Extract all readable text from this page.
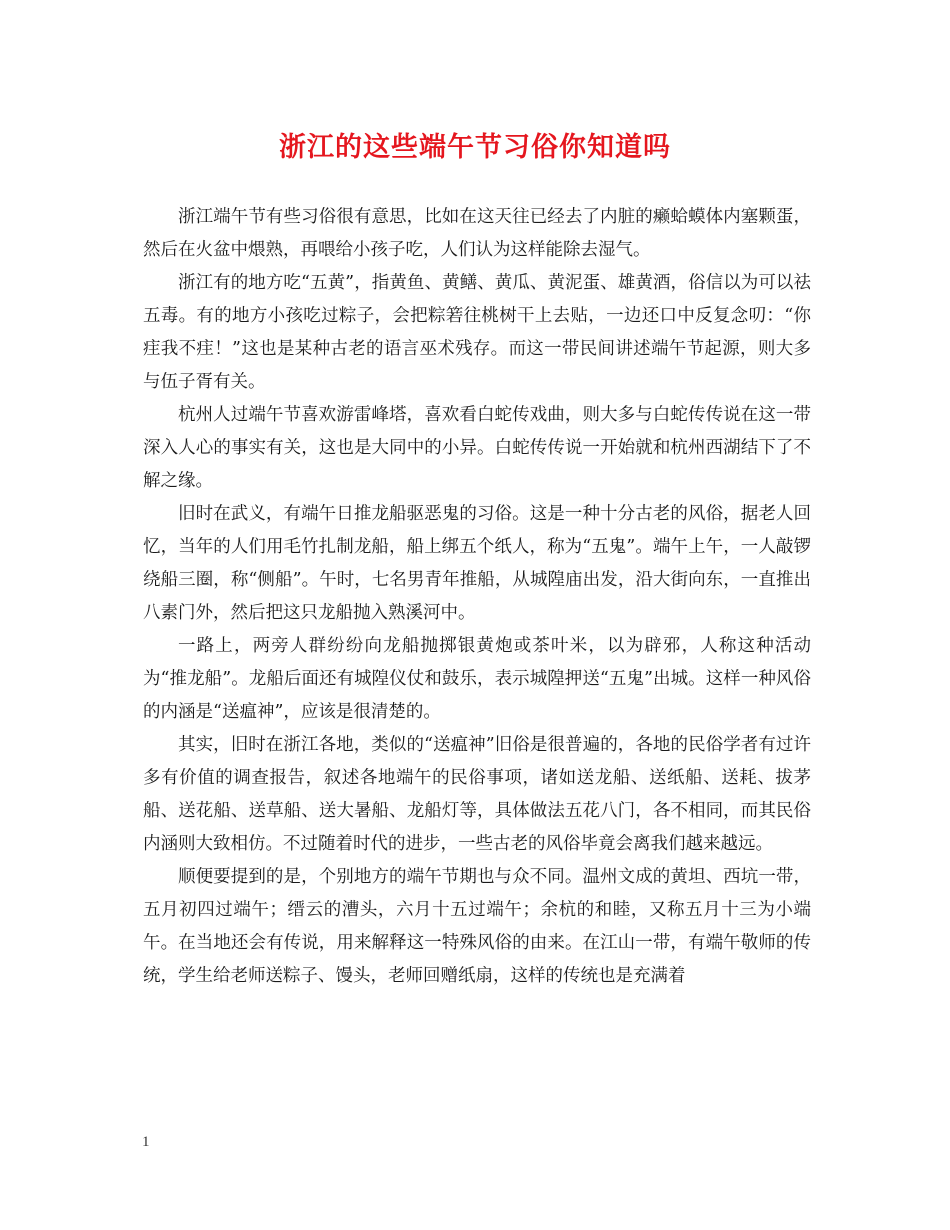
浙江的这些端午节习俗你知道吗

浙江端午节有些习俗很有意思，比如在这天往已经去了内脏的癞蛤蟆体内塞颗蛋，然后在火盆中煨熟，再喂给小孩子吃，人们认为这样能除去湿气。

浙江有的地方吃“五黄”，指黄鱼、黄鳝、黄瓜、黄泥蛋、雄黄酒，俗信以为可以祛五毒。有的地方小孩吃过粽子，会把粽箬往桃树干上去贴，一边还口中反复念叨：“你疰我不疰！”这也是某种古老的语言巫术残存。而这一带民间讲述端午节起源，则大多与伍子胥有关。

杭州人过端午节喜欢游雷峰塔，喜欢看白蛇传戏曲，则大多与白蛇传传说在这一带深入人心的事实有关，这也是大同中的小异。白蛇传传说一开始就和杭州西湖结下了不解之缘。

旧时在武义，有端午日推龙船驱恶鬼的习俗。这是一种十分古老的风俗，据老人回忆，当年的人们用毛竹扎制龙船，船上绑五个纸人，称为“五鬼”。端午上午，一人敲锣绕船三圈，称“侧船”。午时，七名男青年推船，从城隍庙出发，沿大街向东，一直推出八素门外，然后把这只龙船抛入熟溪河中。

一路上，两旁人群纷纷向龙船抛掷银黄炮或茶叶米，以为辟邪，人称这种活动为“推龙船”。龙船后面还有城隍仪仗和鼓乐，表示城隍押送“五鬼”出城。这样一种风俗的内涵是“送瘟神”，应该是很清楚的。

其实，旧时在浙江各地，类似的“送瘟神”旧俗是很普遍的，各地的民俗学者有过许多有价值的调查报告，叙述各地端午的民俗事项，诸如送龙船、送纸船、送耗、拔茅船、送花船、送草船、送大暑船、龙船灯等，具体做法五花八门，各不相同，而其民俗内涵则大致相仿。不过随着时代的进步，一些古老的风俗毕竟会离我们越来越远。

顺便要提到的是，个别地方的端午节期也与众不同。温州文成的黄坦、西坑一带，五月初四过端午；缙云的漕头，六月十五过端午；余杭的和睦，又称五月十三为小端午。在当地还会有传说，用来解释这一特殊风俗的由来。在江山一带，有端午敬师的传统，学生给老师送粽子、馒头，老师回赠纸扇，这样的传统也是充满着

1
